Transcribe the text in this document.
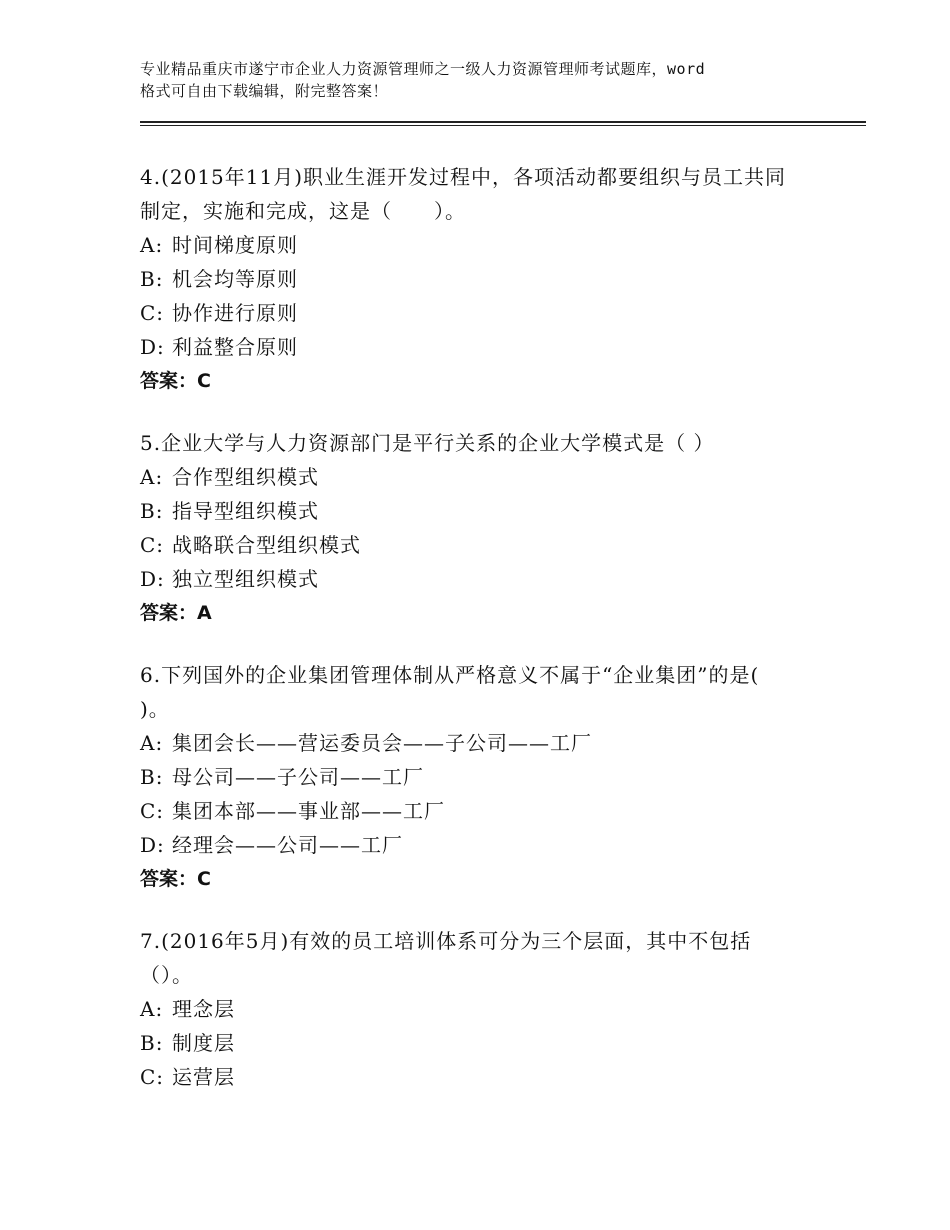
专业精品重庆市遂宁市企业人力资源管理师之一级人力资源管理师考试题库，word
格式可自由下载编辑，附完整答案！

4.(2015年11月)职业生涯开发过程中，各项活动都要组织与员工共同

制定，实施和完成，这是（　　）。

A: 时间梯度原则
B: 机会均等原则
C: 协作进行原则
D: 利益整合原则

答案：C

5.企业大学与人力资源部门是平行关系的企业大学模式是（ ）

A: 合作型组织模式
B: 指导型组织模式
C: 战略联合型组织模式
D: 独立型组织模式

答案：A

6.下列国外的企业集团管理体制从严格意义不属于“企业集团”的是(

)。

A: 集团会长——营运委员会——子公司——工厂
B: 母公司——子公司——工厂
C: 集团本部——事业部——工厂
D: 经理会——公司——工厂

答案：C

7.(2016年5月)有效的员工培训体系可分为三个层面，其中不包括

（）。

A: 理念层
B: 制度层
C: 运营层
